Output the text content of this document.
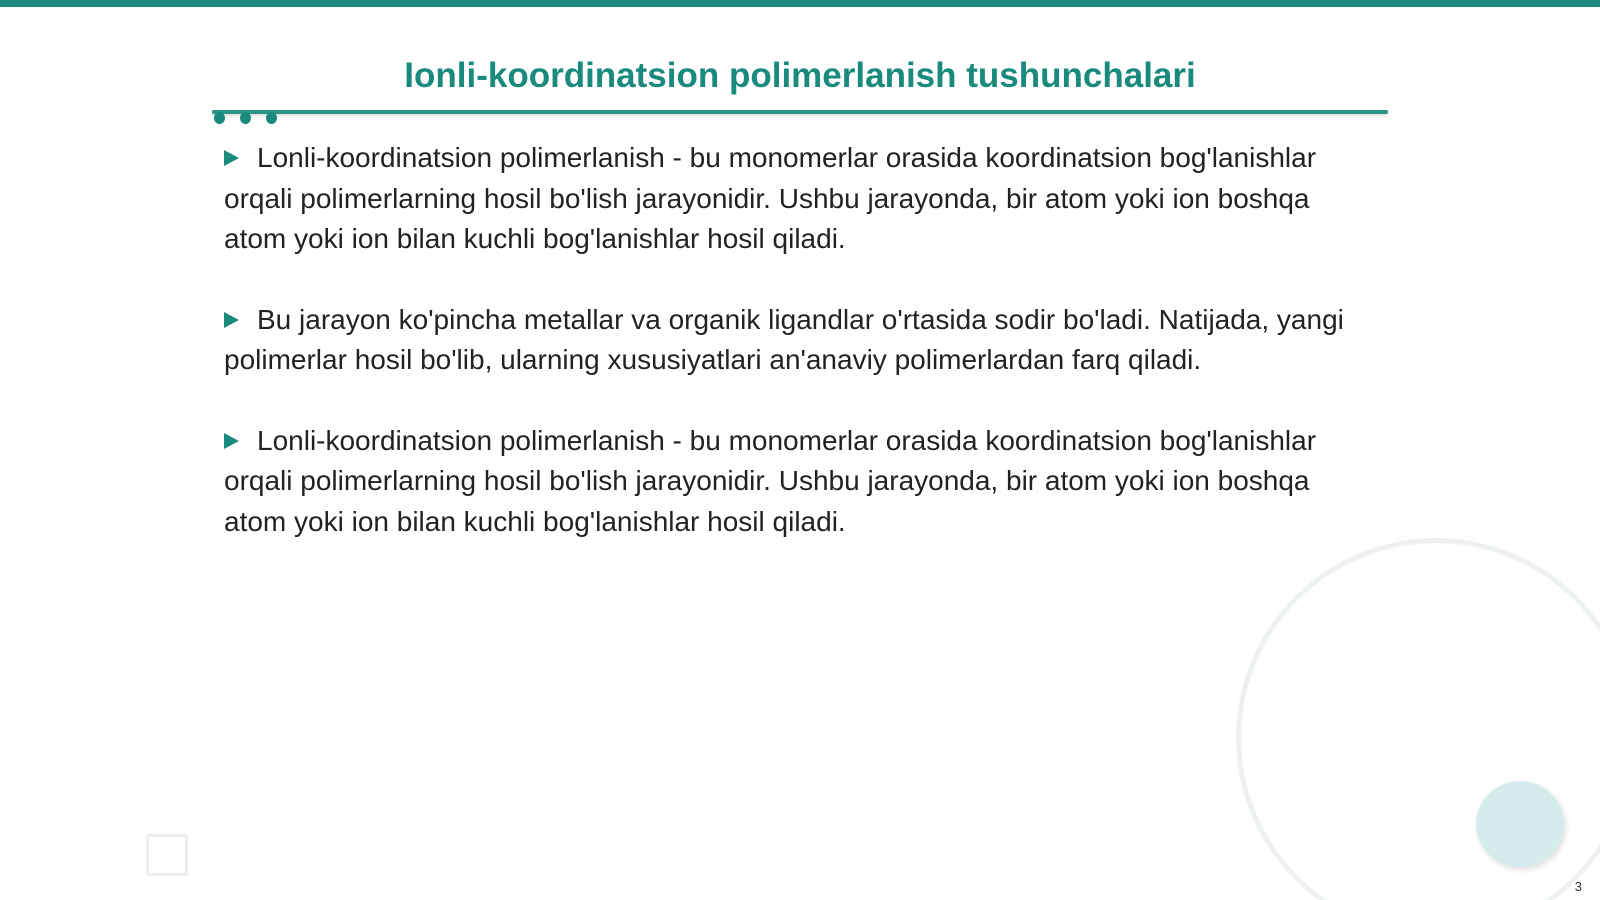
Ionli-koordinatsion polimerlanish tushunchalari

Lonli-koordinatsion polimerlanish - bu monomerlar orasida koordinatsion bog'lanishlar orqali polimerlarning hosil bo'lish jarayonidir. Ushbu jarayonda, bir atom yoki ion boshqa atom yoki ion bilan kuchli bog'lanishlar hosil qiladi.

Bu jarayon ko'pincha metallar va organik ligandlar o'rtasida sodir bo'ladi. Natijada, yangi polimerlar hosil bo'lib, ularning xususiyatlari an'anaviy polimerlardan farq qiladi.

Lonli-koordinatsion polimerlanish - bu monomerlar orasida koordinatsion bog'lanishlar orqali polimerlarning hosil bo'lish jarayonidir. Ushbu jarayonda, bir atom yoki ion boshqa atom yoki ion bilan kuchli bog'lanishlar hosil qiladi.

3
